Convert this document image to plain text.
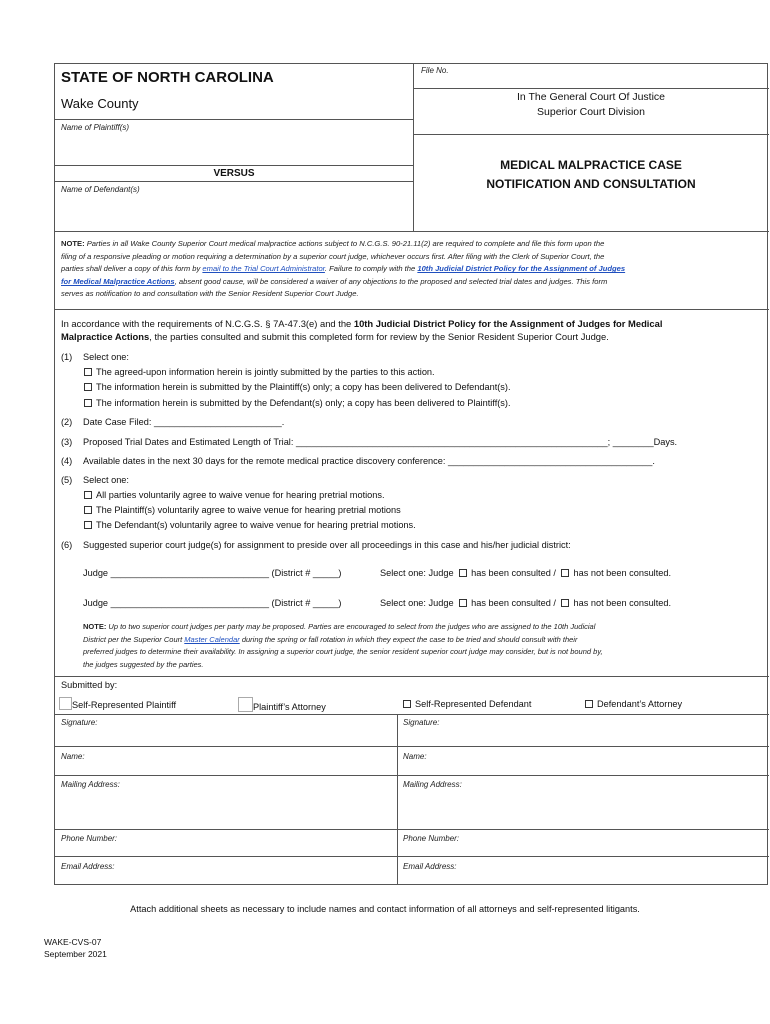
STATE OF NORTH CAROLINA
Wake County
File No.
In The General Court Of Justice
Superior Court Division
Name of Plaintiff(s)
VERSUS
Name of Defendant(s)
MEDICAL MALPRACTICE CASE
NOTIFICATION AND CONSULTATION
NOTE: Parties in all Wake County Superior Court medical malpractice actions subject to N.C.G.S. 90-21.11(2) are required to complete and file this form upon the
filing of a responsive pleading or motion requiring a determination by a superior court judge, whichever occurs first. After filing with the Clerk of Superior Court, the
parties shall deliver a copy of this form by email to the Trial Court Administrator. Failure to comply with the 10th Judicial District Policy for the Assignment of Judges
for Medical Malpractice Actions, absent good cause, will be considered a waiver of any objections to the proposed and selected trial dates and judges. This form
serves as notification to and consultation with the Senior Resident Superior Court Judge.
In accordance with the requirements of N.C.G.S. § 7A-47.3(e) and the 10th Judicial District Policy for the Assignment of Judges for Medical
Malpractice Actions, the parties consulted and submit this completed form for review by the Senior Resident Superior Court Judge.
(1) Select one:
The agreed-upon information herein is jointly submitted by the parties to this action.
The information herein is submitted by the Plaintiff(s) only; a copy has been delivered to Defendant(s).
The information herein is submitted by the Defendant(s) only; a copy has been delivered to Plaintiff(s).
(2) Date Case Filed: _________________________.
(3) Proposed Trial Dates and Estimated Length of Trial: _____________________________________________________________; ________Days.
(4) Available dates in the next 30 days for the remote medical practice discovery conference: ________________________________________.
(5) Select one:
All parties voluntarily agree to waive venue for hearing pretrial motions.
The Plaintiff(s) voluntarily agree to waive venue for hearing pretrial motions
The Defendant(s) voluntarily agree to waive venue for hearing pretrial motions.
(6) Suggested superior court judge(s) for assignment to preside over all proceedings in this case and his/her judicial district:
Judge _______________________________ (District # _____)	Select one: Judge has been consulted / has not been consulted.
Judge _______________________________ (District # _____)	Select one: Judge has been consulted / has not been consulted.
NOTE: Up to two superior court judges per party may be proposed. Parties are encouraged to select from the judges who are assigned to the 10th Judicial
District per the Superior Court Master Calendar during the spring or fall rotation in which they expect the case to be tried and should consult with their
preferred judges to determine their availability. In assigning a superior court judge, the senior resident superior court judge may consider, but is not bound by,
the judges suggested by the parties.
Submitted by:
Self-Represented Plaintiff	Plaintiff’s Attorney	Self-Represented Defendant	Defendant’s Attorney
Signature:	Signature:
Name:	Name:
Mailing Address:	Mailing Address:
Phone Number:	Phone Number:
Email Address:	Email Address:
Attach additional sheets as necessary to include names and contact information of all attorneys and self-represented litigants.
WAKE-CVS-07
September 2021
